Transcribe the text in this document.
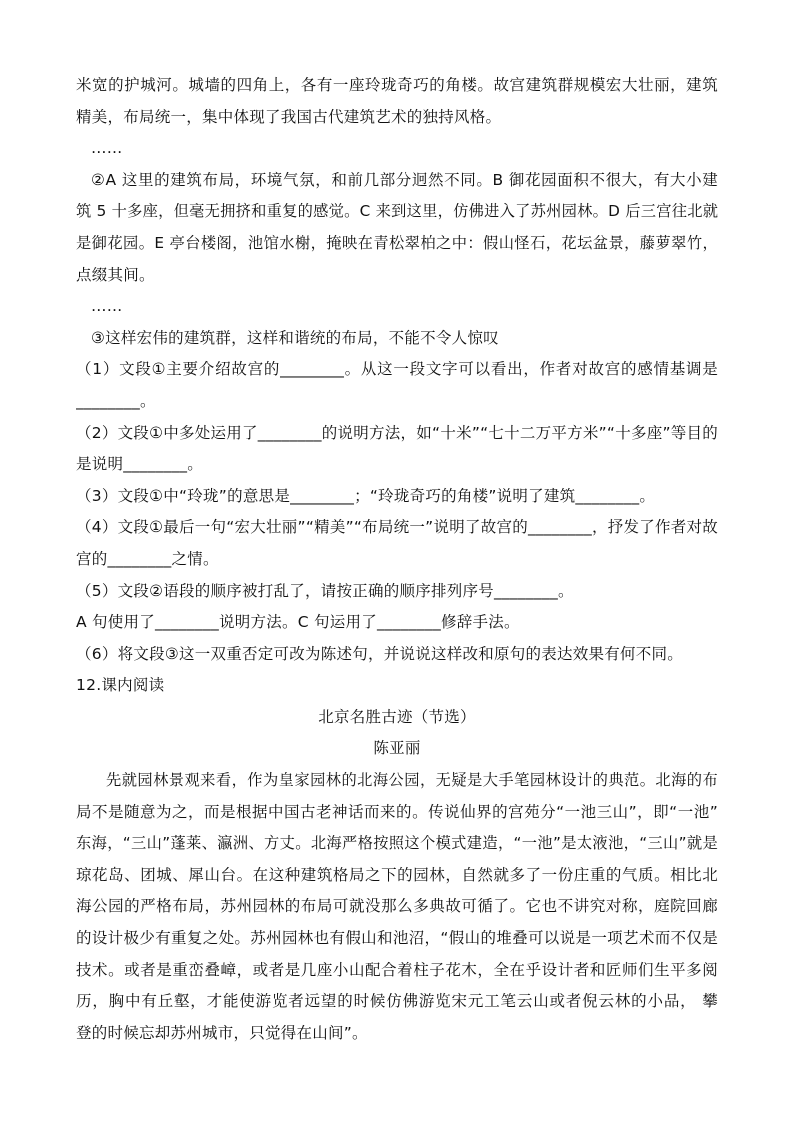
米宽的护城河。城墙的四角上，各有一座玲珑奇巧的角楼。故宫建筑群规模宏大壮丽，建筑
精美，布局统一，集中体现了我国古代建筑艺术的独持风格。
……
②A 这里的建筑布局，环境气氛，和前几部分迥然不同。B 御花园面积不很大，有大小建
筑 5 十多座，但毫无拥挤和重复的感觉。C 来到这里，仿佛进入了苏州园林。D 后三宫往北就
是御花园。E 亭台楼阁，池馆水榭，掩映在青松翠柏之中：假山怪石，花坛盆景，藤萝翠竹，
点缀其间。
……
③这样宏伟的建筑群，这样和谐统的布局，不能不令人惊叹
（1）文段①主要介绍故宫的________。从这一段文字可以看出，作者对故宫的感情基调是
________。
（2）文段①中多处运用了________的说明方法，如“十米”“七十二万平方米”“十多座”等目的
是说明________。
（3）文段①中“玲珑”的意思是________；“玲珑奇巧的角楼”说明了建筑________。
（4）文段①最后一句“宏大壮丽”“精美”“布局统一”说明了故宫的________，抒发了作者对故
宫的________之情。
（5）文段②语段的顺序被打乱了，请按正确的顺序排列序号________。
A 句使用了________说明方法。C 句运用了________修辞手法。
（6）将文段③这一双重否定可改为陈述句，并说说这样改和原句的表达效果有何不同。
12.课内阅读
北京名胜古迹（节选）
陈亚丽
先就园林景观来看，作为皇家园林的北海公园，无疑是大手笔园林设计的典范。北海的布
局不是随意为之，而是根据中国古老神话而来的。传说仙界的宫苑分“一池三山”，即“一池”
东海，“三山”蓬莱、瀛洲、方丈。北海严格按照这个模式建造，“一池”是太液池，“三山”就是
琼花岛、团城、犀山台。在这种建筑格局之下的园林，自然就多了一份庄重的气质。相比北
海公园的严格布局，苏州园林的布局可就没那么多典故可循了。它也不讲究对称，庭院回廊
的设计极少有重复之处。苏州园林也有假山和池沼，“假山的堆叠可以说是一项艺术而不仅是
技术。或者是重峦叠嶂，或者是几座小山配合着柱子花木，全在乎设计者和匠师们生平多阅
历，胸中有丘壑，才能使游览者远望的时候仿佛游览宋元工笔云山或者倪云林的小品， 攀
登的时候忘却苏州城市，只觉得在山间”。
